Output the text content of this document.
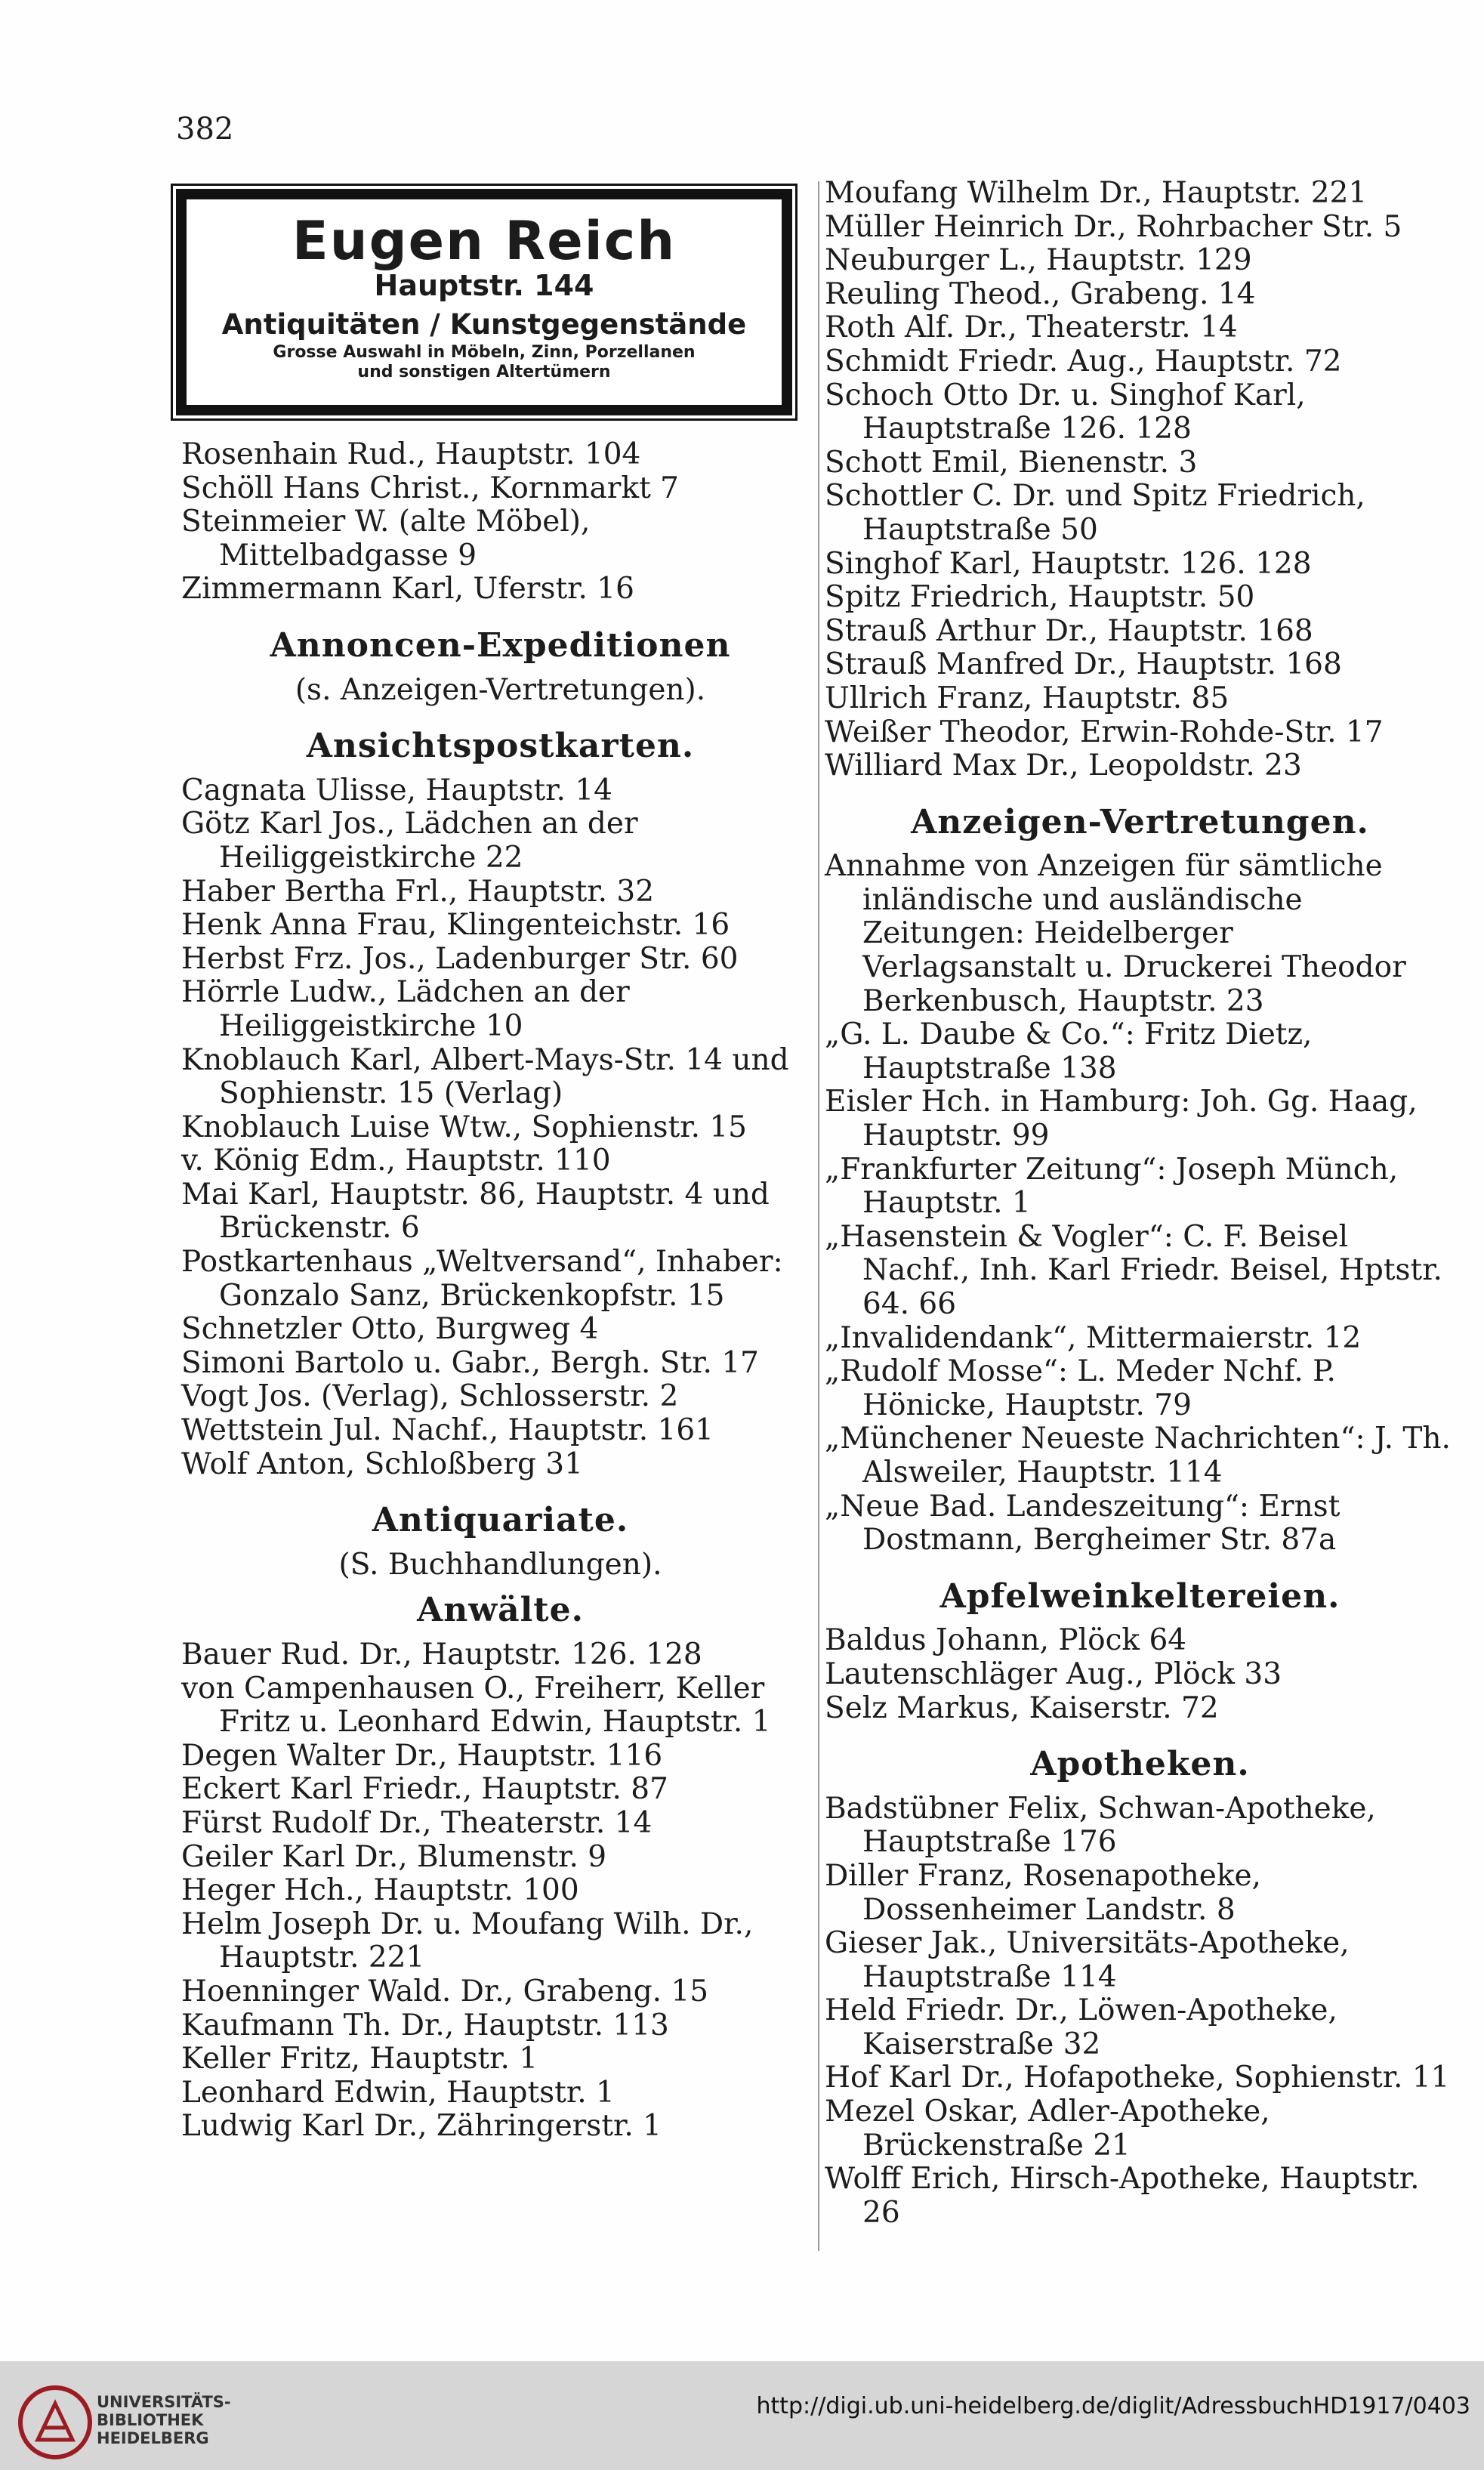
382
Eugen Reich
Hauptstr. 144
Antiquitäten / Kunstgegenstände
Grosse Auswahl in Möbeln, Zinn, Porzellanen
und sonstigen Altertümern

Rosenhain Rud., Hauptstr. 104

Schöll Hans Christ., Kornmarkt 7

Steinmeier W. (alte Möbel), Mittelbadgasse 9

Zimmermann Karl, Uferstr. 16

Annoncen-Expeditionen

(s. Anzeigen-Vertretungen).

Ansichtspostkarten.

Cagnata Ulisse, Hauptstr. 14

Götz Karl Jos., Lädchen an der Heiliggeistkirche 22

Haber Bertha Frl., Hauptstr. 32

Henk Anna Frau, Klingenteichstr. 16

Herbst Frz. Jos., Ladenburger Str. 60

Hörrle Ludw., Lädchen an der Heiliggeistkirche 10

Knoblauch Karl, Albert-Mays-Str. 14 und Sophienstr. 15 (Verlag)

Knoblauch Luise Wtw., Sophienstr. 15

v. König Edm., Hauptstr. 110

Mai Karl, Hauptstr. 86, Hauptstr. 4 und Brückenstr. 6

Postkartenhaus „Weltversand“, Inhaber: Gonzalo Sanz, Brückenkopfstr. 15

Schnetzler Otto, Burgweg 4

Simoni Bartolo u. Gabr., Bergh. Str. 17

Vogt Jos. (Verlag), Schlosserstr. 2

Wettstein Jul. Nachf., Hauptstr. 161

Wolf Anton, Schloßberg 31

Antiquariate.

(S. Buchhandlungen).

Anwälte.

Bauer Rud. Dr., Hauptstr. 126. 128

von Campenhausen O., Freiherr, Keller Fritz u. Leonhard Edwin, Hauptstr. 1

Degen Walter Dr., Hauptstr. 116

Eckert Karl Friedr., Hauptstr. 87

Fürst Rudolf Dr., Theaterstr. 14

Geiler Karl Dr., Blumenstr. 9

Heger Hch., Hauptstr. 100

Helm Joseph Dr. u. Moufang Wilh. Dr., Hauptstr. 221

Hoenninger Wald. Dr., Grabeng. 15

Kaufmann Th. Dr., Hauptstr. 113

Keller Fritz, Hauptstr. 1

Leonhard Edwin, Hauptstr. 1

Ludwig Karl Dr., Zähringerstr. 1

Moufang Wilhelm Dr., Hauptstr. 221

Müller Heinrich Dr., Rohrbacher Str. 5

Neuburger L., Hauptstr. 129

Reuling Theod., Grabeng. 14

Roth Alf. Dr., Theaterstr. 14

Schmidt Friedr. Aug., Hauptstr. 72

Schoch Otto Dr. u. Singhof Karl, Hauptstraße 126. 128

Schott Emil, Bienenstr. 3

Schottler C. Dr. und Spitz Friedrich, Hauptstraße 50

Singhof Karl, Hauptstr. 126. 128

Spitz Friedrich, Hauptstr. 50

Strauß Arthur Dr., Hauptstr. 168

Strauß Manfred Dr., Hauptstr. 168

Ullrich Franz, Hauptstr. 85

Weißer Theodor, Erwin-Rohde-Str. 17

Williard Max Dr., Leopoldstr. 23

Anzeigen-Vertretungen.

Annahme von Anzeigen für sämtliche inländische und ausländische Zeitungen: Heidelberger Verlagsanstalt u. Druckerei Theodor Berkenbusch, Hauptstr. 23

„G. L. Daube & Co.“: Fritz Dietz, Hauptstraße 138

Eisler Hch. in Hamburg: Joh. Gg. Haag, Hauptstr. 99

„Frankfurter Zeitung“: Joseph Münch, Hauptstr. 1

„Hasenstein & Vogler“: C. F. Beisel Nachf., Inh. Karl Friedr. Beisel, Hptstr. 64. 66

„Invalidendank“, Mittermaierstr. 12

„Rudolf Mosse“: L. Meder Nchf. P. Hönicke, Hauptstr. 79

„Münchener Neueste Nachrichten“: J. Th. Alsweiler, Hauptstr. 114

„Neue Bad. Landeszeitung“: Ernst Dostmann, Bergheimer Str. 87a

Apfelweinkeltereien.

Baldus Johann, Plöck 64

Lautenschläger Aug., Plöck 33

Selz Markus, Kaiserstr. 72

Apotheken.

Badstübner Felix, Schwan-Apotheke, Hauptstraße 176

Diller Franz, Rosenapotheke, Dossenheimer Landstr. 8

Gieser Jak., Universitäts-Apotheke, Hauptstraße 114

Held Friedr. Dr., Löwen-Apotheke, Kaiserstraße 32

Hof Karl Dr., Hofapotheke, Sophienstr. 11

Mezel Oskar, Adler-Apotheke, Brückenstraße 21

Wolff Erich, Hirsch-Apotheke, Hauptstr. 26

UNIVERSITÄTS-
BIBLIOTHEK
HEIDELBERG
http://digi.ub.uni-heidelberg.de/diglit/AdressbuchHD1917/0403
